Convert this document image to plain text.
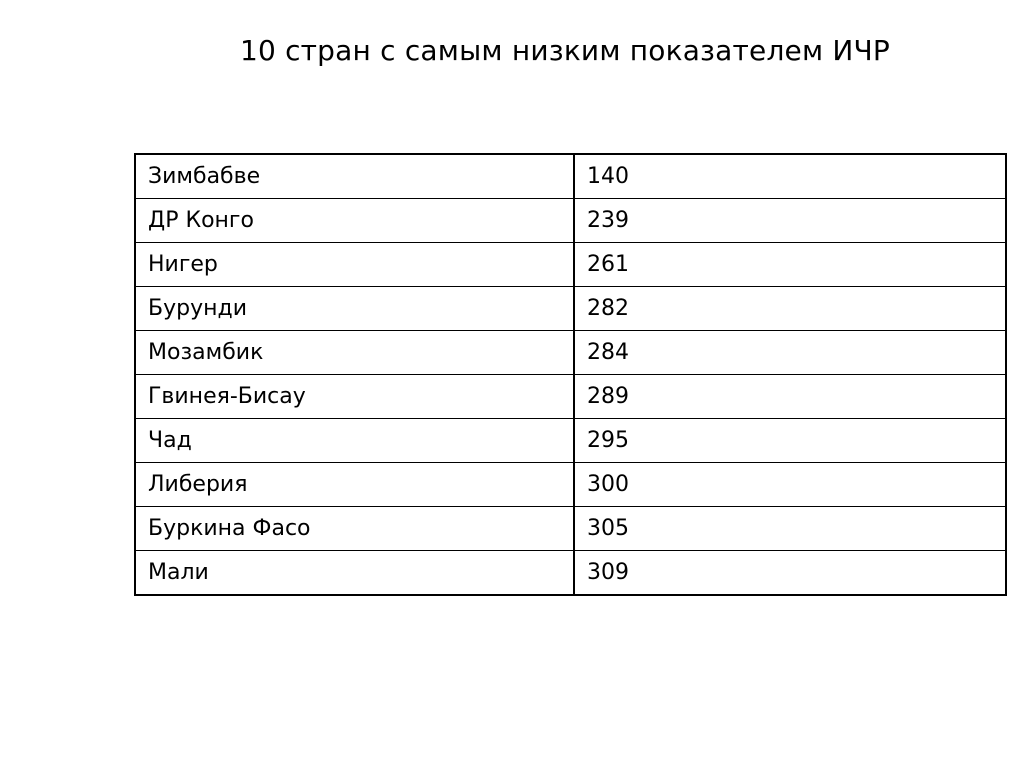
10 стран с самым низким показателем ИЧР
Зимбабве	140
ДР Конго	239
Нигер	261
Бурунди	282
Мозамбик	284
Гвинея-Бисау	289
Чад	295
Либерия	300
Буркина Фасо	305
Мали	309
